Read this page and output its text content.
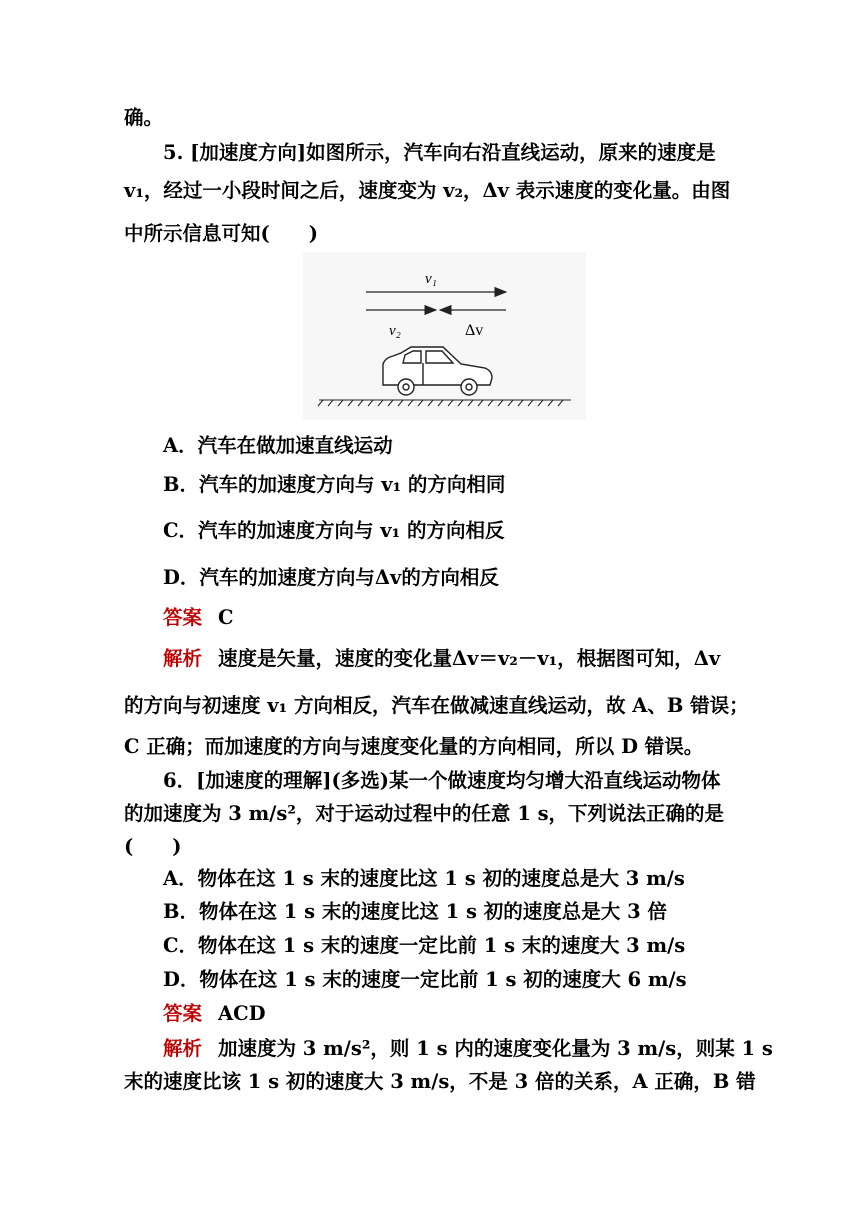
确。
5. [加速度方向]如图所示，汽车向右沿直线运动，原来的速度是
v₁，经过一小段时间之后，速度变为 v₂，Δv 表示速度的变化量。由图
中所示信息可知(　　)
v₁
v₂	Δv
A．汽车在做加速直线运动
B．汽车的加速度方向与 v₁ 的方向相同
C．汽车的加速度方向与 v₁ 的方向相反
D．汽车的加速度方向与Δv的方向相反
答案 C
解析 速度是矢量，速度的变化量Δv＝v₂－v₁，根据图可知，Δv
的方向与初速度 v₁ 方向相反，汽车在做减速直线运动，故 A、B 错误；
C 正确；而加速度的方向与速度变化量的方向相同，所以 D 错误。
6．[加速度的理解](多选)某一个做速度均匀增大沿直线运动物体
的加速度为 3 m/s²，对于运动过程中的任意 1 s，下列说法正确的是
(　　)
A．物体在这 1 s 末的速度比这 1 s 初的速度总是大 3 m/s
B．物体在这 1 s 末的速度比这 1 s 初的速度总是大 3 倍
C．物体在这 1 s 末的速度一定比前 1 s 末的速度大 3 m/s
D．物体在这 1 s 末的速度一定比前 1 s 初的速度大 6 m/s
答案 ACD
解析 加速度为 3 m/s²，则 1 s 内的速度变化量为 3 m/s，则某 1 s
末的速度比该 1 s 初的速度大 3 m/s，不是 3 倍的关系，A 正确，B 错
